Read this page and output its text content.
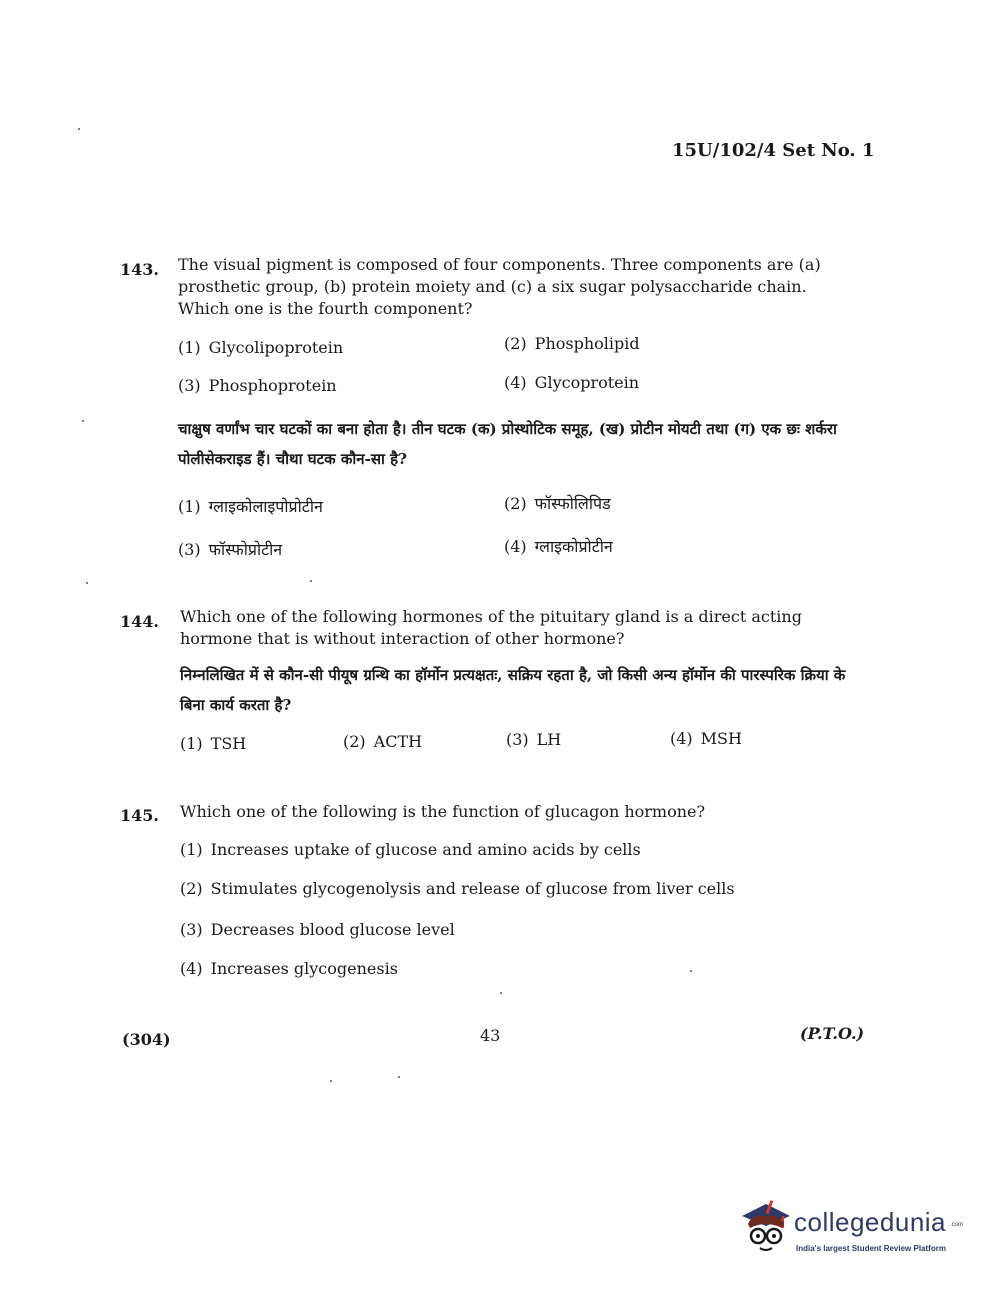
15U/102/4 Set No. 1
143. The visual pigment is composed of four components. Three components are (a) prosthetic group, (b) protein moiety and (c) a six sugar polysaccharide chain. Which one is the fourth component?
(1) Glycolipoprotein	(2) Phospholipid
(3) Phosphoprotein	(4) Glycoprotein
चाक्षुष वर्णांभ चार घटकों का बना होता है। तीन घटक (क) प्रोस्थोटिक समूह, (ख) प्रोटीन मोयटी तथा (ग) एक छः शर्करा पोलीसेकराइड हैं। चौथा घटक कौन-सा है?
(1) ग्लाइकोलाइपोप्रोटीन	(2) फॉस्फोलिपिड
(3) फॉस्फोप्रोटीन	(4) ग्लाइकोप्रोटीन
144. Which one of the following hormones of the pituitary gland is a direct acting hormone that is without interaction of other hormone?
निम्नलिखित में से कौन-सी पीयूष ग्रन्थि का हॉर्मोन प्रत्यक्षतः, सक्रिय रहता है, जो किसी अन्य हॉर्मोन की पारस्परिक क्रिया के बिना कार्य करता है?
(1) TSH	(2) ACTH	(3) LH	(4) MSH
145. Which one of the following is the function of glucagon hormone?
(1) Increases uptake of glucose and amino acids by cells
(2) Stimulates glycogenolysis and release of glucose from liver cells
(3) Decreases blood glucose level
(4) Increases glycogenesis
(304)	43	(P.T.O.)
collegedunia .com
India's largest Student Review Platform
